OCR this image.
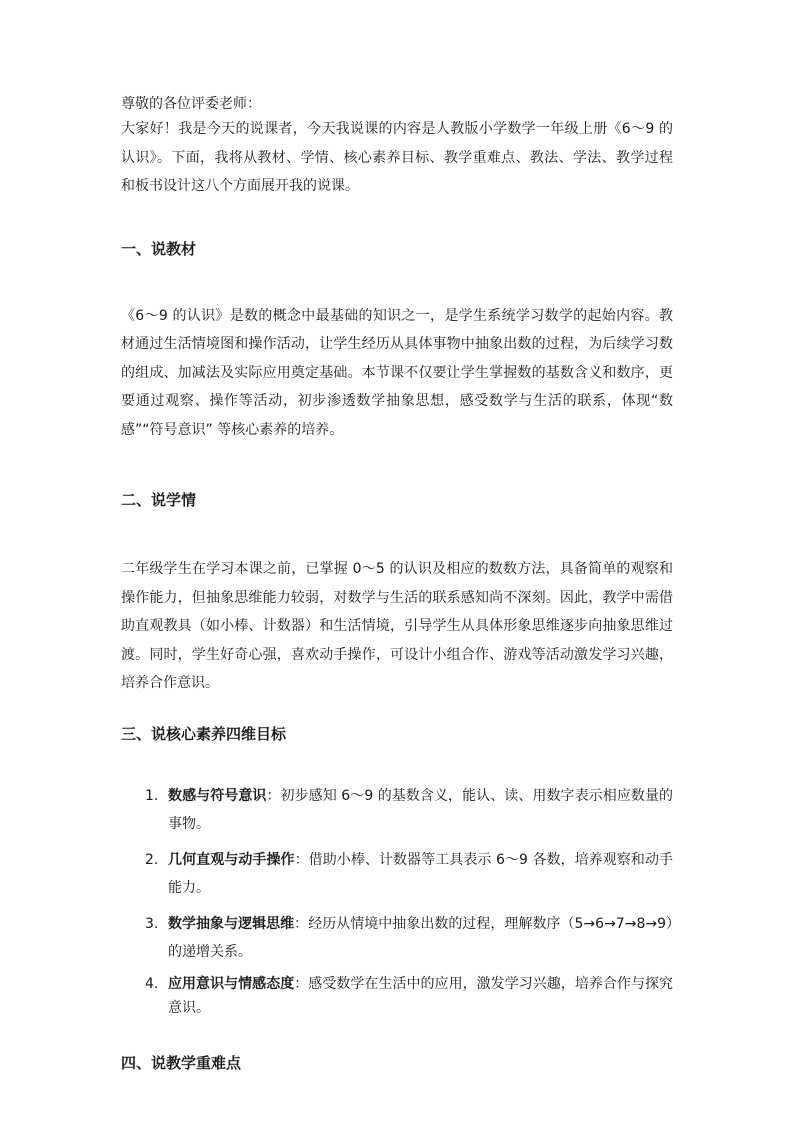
尊敬的各位评委老师：

大家好！我是今天的说课者，今天我说课的内容是人教版小学数学一年级上册《6～9 的认识》。下面，我将从教材、学情、核心素养目标、教学重难点、教法、学法、教学过程和板书设计这八个方面展开我的说课。

一、说教材

《6～9 的认识》是数的概念中最基础的知识之一，是学生系统学习数学的起始内容。教材通过生活情境图和操作活动，让学生经历从具体事物中抽象出数的过程，为后续学习数的组成、加减法及实际应用奠定基础。本节课不仅要让学生掌握数的基数含义和数序，更要通过观察、操作等活动，初步渗透数学抽象思想，感受数学与生活的联系，体现“数感”“符号意识” 等核心素养的培养。

二、说学情

二年级学生在学习本课之前，已掌握 0～5 的认识及相应的数数方法，具备简单的观察和操作能力，但抽象思维能力较弱，对数学与生活的联系感知尚不深刻。因此，教学中需借助直观教具（如小棒、计数器）和生活情境，引导学生从具体形象思维逐步向抽象思维过渡。同时，学生好奇心强，喜欢动手操作，可设计小组合作、游戏等活动激发学习兴趣，培养合作意识。

三、说核心素养四维目标
1. 数感与符号意识：初步感知 6～9 的基数含义，能认、读、用数字表示相应数量的事物。
2. 几何直观与动手操作：借助小棒、计数器等工具表示 6～9 各数，培养观察和动手能力。
3. 数学抽象与逻辑思维：经历从情境中抽象出数的过程，理解数序（5→6→7→8→9）的递增关系。
4. 应用意识与情感态度：感受数学在生活中的应用，激发学习兴趣，培养合作与探究意识。
四、说教学重难点
